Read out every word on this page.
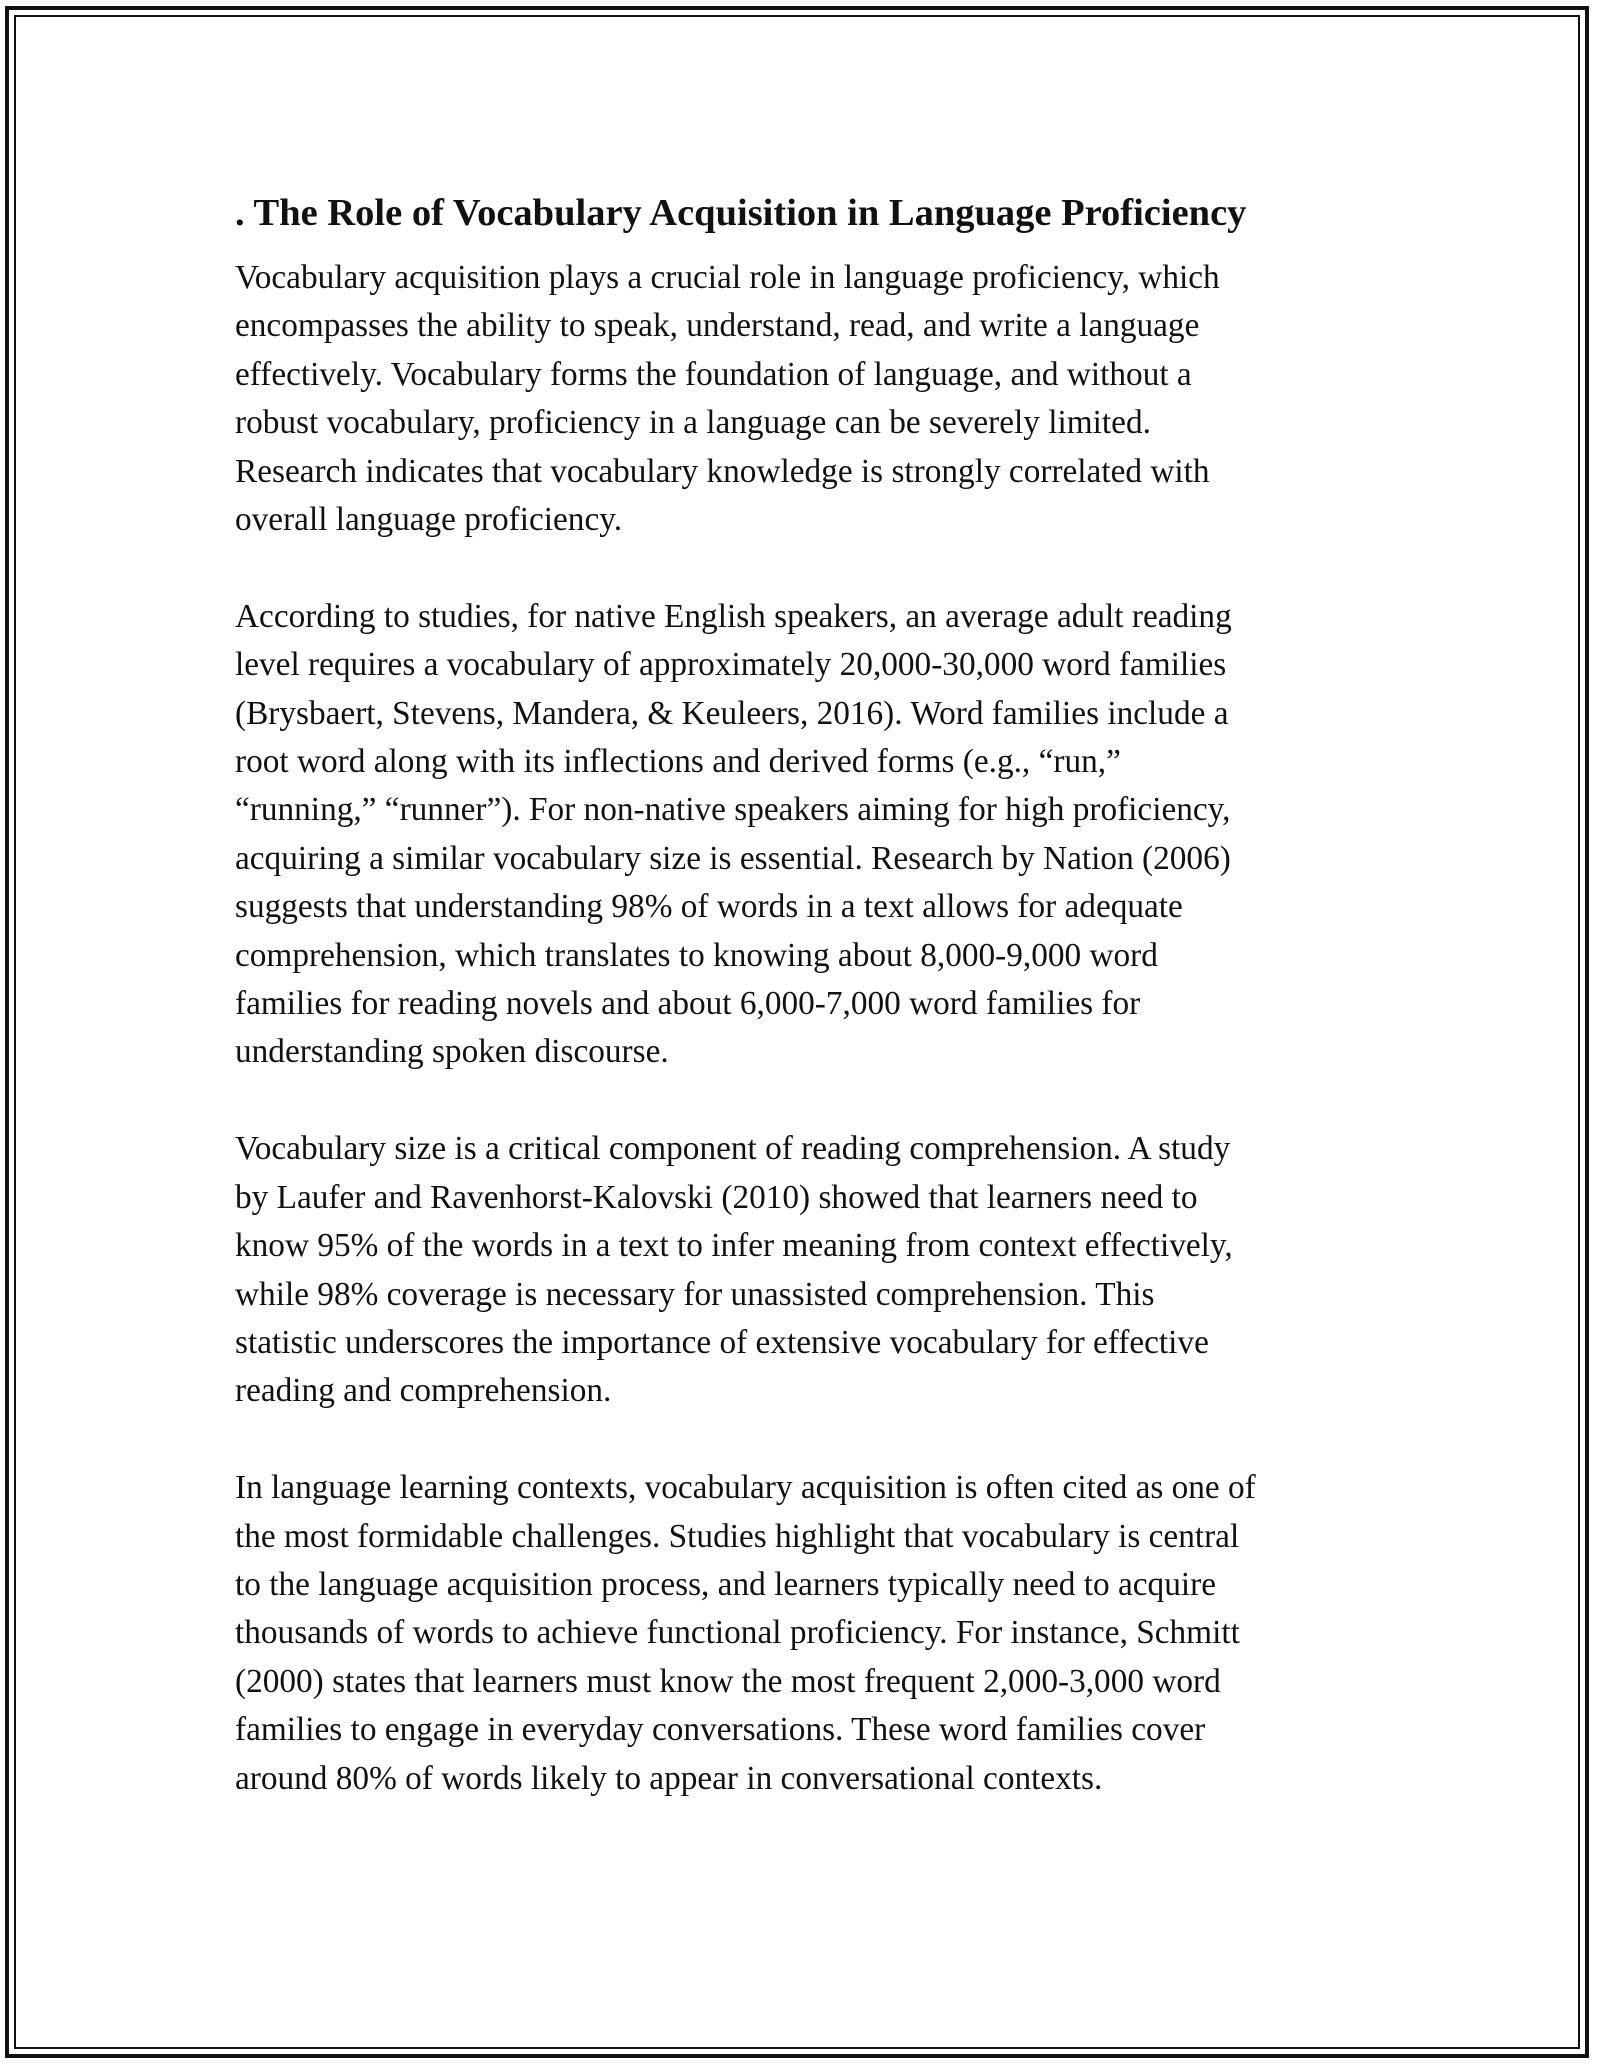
. The Role of Vocabulary Acquisition in Language Proficiency

Vocabulary acquisition plays a crucial role in language proficiency, which
encompasses the ability to speak, understand, read, and write a language
effectively. Vocabulary forms the foundation of language, and without a
robust vocabulary, proficiency in a language can be severely limited.
Research indicates that vocabulary knowledge is strongly correlated with
overall language proficiency.

According to studies, for native English speakers, an average adult reading
level requires a vocabulary of approximately 20,000-30,000 word families
(Brysbaert, Stevens, Mandera, & Keuleers, 2016). Word families include a
root word along with its inflections and derived forms (e.g., “run,”
“running,” “runner”). For non-native speakers aiming for high proficiency,
acquiring a similar vocabulary size is essential. Research by Nation (2006)
suggests that understanding 98% of words in a text allows for adequate
comprehension, which translates to knowing about 8,000-9,000 word
families for reading novels and about 6,000-7,000 word families for
understanding spoken discourse.

Vocabulary size is a critical component of reading comprehension. A study
by Laufer and Ravenhorst-Kalovski (2010) showed that learners need to
know 95% of the words in a text to infer meaning from context effectively,
while 98% coverage is necessary for unassisted comprehension. This
statistic underscores the importance of extensive vocabulary for effective
reading and comprehension.

In language learning contexts, vocabulary acquisition is often cited as one of
the most formidable challenges. Studies highlight that vocabulary is central
to the language acquisition process, and learners typically need to acquire
thousands of words to achieve functional proficiency. For instance, Schmitt
(2000) states that learners must know the most frequent 2,000-3,000 word
families to engage in everyday conversations. These word families cover
around 80% of words likely to appear in conversational contexts.
